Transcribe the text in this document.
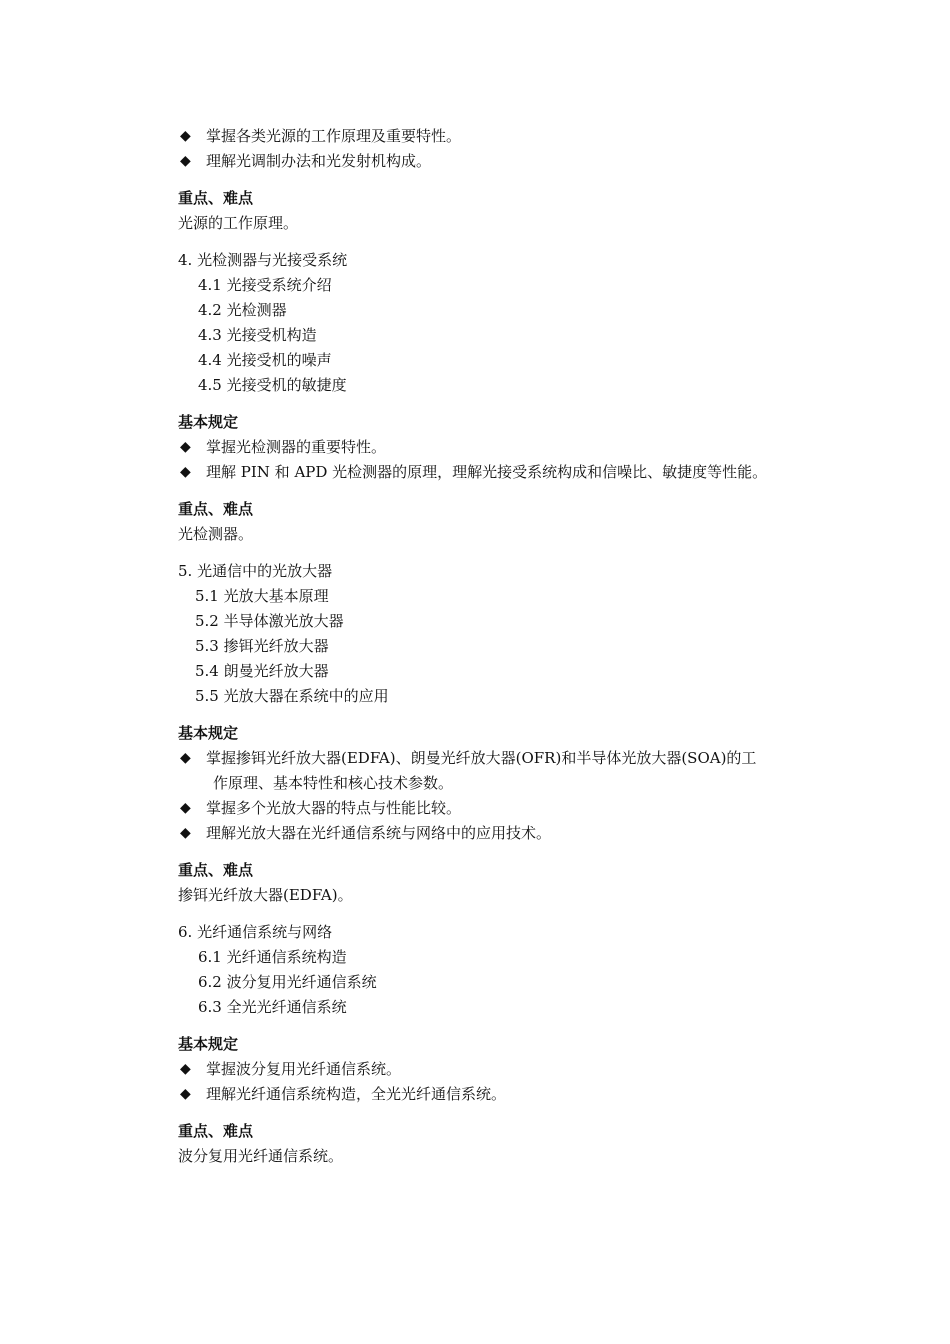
◆ 掌握各类光源的工作原理及重要特性。
◆ 理解光调制办法和光发射机构成。
重点、难点
光源的工作原理。
4. 光检测器与光接受系统
4.1 光接受系统介绍
4.2 光检测器
4.3 光接受机构造
4.4 光接受机的噪声
4.5 光接受机的敏捷度
基本规定
◆ 掌握光检测器的重要特性。
◆ 理解 PIN 和 APD 光检测器的原理，理解光接受系统构成和信噪比、敏捷度等性能。
重点、难点
光检测器。
5. 光通信中的光放大器
5.1 光放大基本原理
5.2 半导体激光放大器
5.3 掺铒光纤放大器
5.4 朗曼光纤放大器
5.5 光放大器在系统中的应用
基本规定
◆ 掌握掺铒光纤放大器(EDFA)、朗曼光纤放大器(OFR)和半导体光放大器(SOA)的工
作原理、基本特性和核心技术参数。
◆ 掌握多个光放大器的特点与性能比较。
◆ 理解光放大器在光纤通信系统与网络中的应用技术。
重点、难点
掺铒光纤放大器(EDFA)。
6. 光纤通信系统与网络
6.1 光纤通信系统构造
6.2 波分复用光纤通信系统
6.3 全光光纤通信系统
基本规定
◆ 掌握波分复用光纤通信系统。
◆ 理解光纤通信系统构造，全光光纤通信系统。
重点、难点
波分复用光纤通信系统。
